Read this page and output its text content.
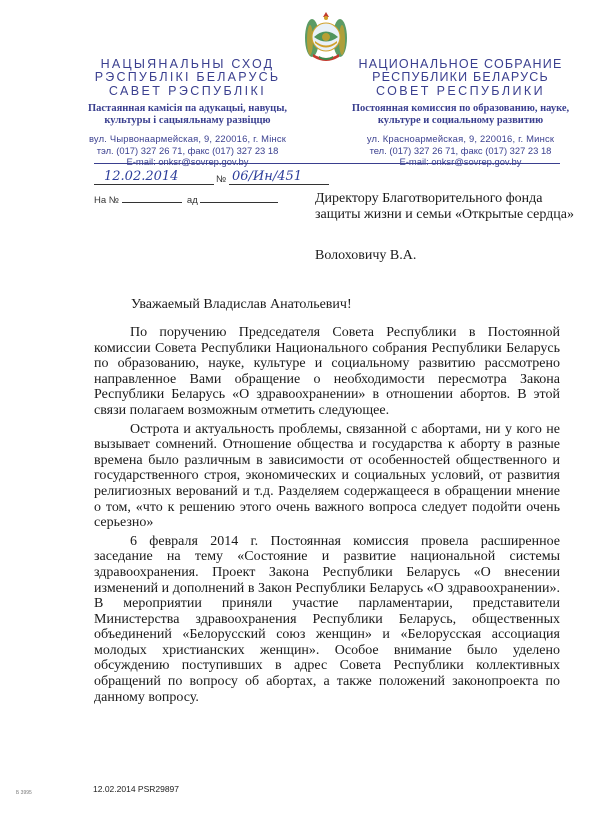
НАЦЫЯНАЛЬНЫ СХОД
РЭСПУБЛІКІ БЕЛАРУСЬ
САВЕТ РЭСПУБЛІКІ
Пастаянная камісія па адукацыі, навуцы, культуры і сацыяльнаму развіццю
вул. Чырвонаармейская, 9, 220016, г. Мінск
тэл. (017) 327 26 71, факс (017) 327 23 18
E-mail: onksr@sovrep.gov.by
НАЦИОНАЛЬНОЕ СОБРАНИЕ
РЕСПУБЛИКИ БЕЛАРУСЬ
СОВЕТ РЕСПУБЛИКИ
Постоянная комиссия по образованию, науке, культуре и социальному развитию
ул. Красноармейская, 9, 220016, г. Минск
тел. (017) 327 26 71, факс (017) 327 23 18
E-mail: onksr@sovrep.gov.by
12.02.2014	№ 06/Ин/451
На №	ад	Директору Благотворительного фонда защиты жизни и семьи «Открытые сердца»
Волоховичу В.А.
Уважаемый Владислав Анатольевич!

По поручению Председателя Совета Республики в Постоянной комиссии Совета Республики Национального собрания Республики Беларусь по образованию, науке, культуре и социальному развитию рассмотрено направленное Вами обращение о необходимости пересмотра Закона Республики Беларусь «О здравоохранении» в отношении абортов. В этой связи полагаем возможным отметить следующее.

Острота и актуальность проблемы, связанной с абортами, ни у кого не вызывает сомнений. Отношение общества и государства к аборту в разные времена было различным в зависимости от особенностей общественного и государственного строя, экономических и социальных условий, от развития религиозных верований и т.д. Разделяем содержащееся в обращении мнение о том, «что к решению этого очень важного вопроса следует подойти очень серьезно»

6 февраля 2014 г. Постоянная комиссия провела расширенное заседание на тему «Состояние и развитие национальной системы здравоохранения. Проект Закона Республики Беларусь «О внесении изменений и дополнений в Закон Республики Беларусь «О здравоохранении». В мероприятии приняли участие парламентарии, представители Министерства здравоохранения Республики Беларусь, общественных объединений «Белорусский союз женщин» и «Белорусская ассоциация молодых христианских женщин». Особое внимание было уделено обсуждению поступивших в адрес Совета Республики коллективных обращений по вопросу об абортах, а также положений законопроекта по данному вопросу.

12.02.2014 PSR29897
Б 3995
